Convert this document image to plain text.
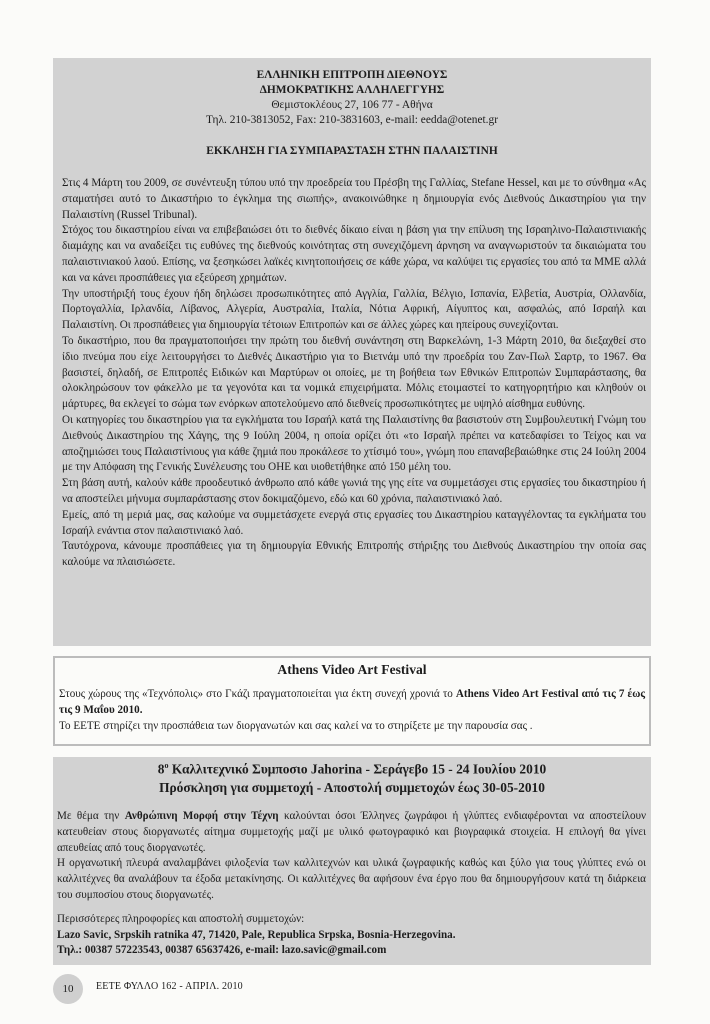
ΕΛΛΗΝΙΚΗ ΕΠΙΤΡΟΠΗ ΔΙΕΘΝΟΥΣ
ΔΗΜΟΚΡΑΤΙΚΗΣ ΑΛΛΗΛΕΓΓΥΗΣ
Θεμιστοκλέους 27, 106 77 - Αθήνα
Τηλ. 210-3813052, Fax: 210-3831603, e-mail: eedda@otenet.gr
ΕΚΚΛΗΣΗ ΓΙΑ ΣΥΜΠΑΡΑΣΤΑΣΗ ΣΤΗΝ ΠΑΛΑΙΣΤΙΝΗ

Στις 4 Μάρτη του 2009, σε συνέντευξη τύπου υπό την προεδρεία του Πρέσβη της Γαλλίας, Stefane Hessel, και με το σύνθημα «Ας σταματήσει αυτό το Δικαστήριο το έγκλημα της σιωπής», ανακοινώθηκε η δημιουργία ενός Διεθνούς Δικαστηρίου για την Παλαιστίνη (Russel Tribunal).

Στόχος του δικαστηρίου είναι να επιβεβαιώσει ότι το διεθνές δίκαιο είναι η βάση για την επίλυση της Ισραηλινο-Παλαιστινιακής διαμάχης και να αναδείξει τις ευθύνες της διεθνούς κοινότητας στη συνεχιζόμενη άρνηση να αναγνωριστούν τα δικαιώματα του παλαιστινιακού λαού. Επίσης, να ξεσηκώσει λαϊκές κινητοποιήσεις σε κάθε χώρα, να καλύψει τις εργασίες του από τα ΜΜΕ αλλά και να κάνει προσπάθειες για εξεύρεση χρημάτων.

Την υποστήριξή τους έχουν ήδη δηλώσει προσωπικότητες από Αγγλία, Γαλλία, Βέλγιο, Ισπανία, Ελβετία, Αυστρία, Ολλανδία, Πορτογαλλία, Ιρλανδία, Λίβανος, Αλγερία, Αυστραλία, Ιταλία, Νότια Αφρική, Αίγυπτος και, ασφαλώς, από Ισραήλ και Παλαιστίνη. Οι προσπάθειες για δημιουργία τέτοιων Επιτροπών και σε άλλες χώρες και ηπείρους συνεχίζονται.

Το δικαστήριο, που θα πραγματοποιήσει την πρώτη του διεθνή συνάντηση στη Βαρκελώνη, 1-3 Μάρτη 2010, θα διεξαχθεί στο ίδιο πνεύμα που είχε λειτουργήσει το Διεθνές Δικαστήριο για το Βιετνάμ υπό την προεδρία του Ζαν-Πωλ Σαρτρ, το 1967. Θα βασιστεί, δηλαδή, σε Επιτροπές Ειδικών και Μαρτύρων οι οποίες, με τη βοήθεια των Εθνικών Επιτροπών Συμπαράστασης, θα ολοκληρώσουν τον φάκελλο με τα γεγονότα και τα νομικά επιχειρήματα. Μόλις ετοιμαστεί το κατηγορητήριο και κληθούν οι μάρτυρες, θα εκλεγεί το σώμα των ενόρκων αποτελούμενο από διεθνείς προσωπικότητες με υψηλό αίσθημα ευθύνης.

Οι κατηγορίες του δικαστηρίου για τα εγκλήματα του Ισραήλ κατά της Παλαιστίνης θα βασιστούν στη Συμβουλευτική Γνώμη του Διεθνούς Δικαστηρίου της Χάγης, της 9 Ιούλη 2004, η οποία ορίζει ότι «το Ισραήλ πρέπει να κατεδαφίσει το Τείχος και να αποζημιώσει τους Παλαιστίνιους για κάθε ζημιά που προκάλεσε το χτίσιμό του», γνώμη που επαναβεβαιώθηκε στις 24 Ιούλη 2004 με την Απόφαση της Γενικής Συνέλευσης του ΟΗΕ και υιοθετήθηκε από 150 μέλη του.

Στη βάση αυτή, καλούν κάθε προοδευτικό άνθρωπο από κάθε γωνιά της γης είτε να συμμετάσχει στις εργασίες του δικαστηρίου ή να αποστείλει μήνυμα συμπαράστασης στον δοκιμαζόμενο, εδώ και 60 χρόνια, παλαιστινιακό λαό.

Εμείς, από τη μεριά μας, σας καλούμε να συμμετάσχετε ενεργά στις εργασίες του Δικαστηρίου καταγγέλοντας τα εγκλήματα του Ισραήλ ενάντια στον παλαιστινιακό λαό.

Ταυτόχρονα, κάνουμε προσπάθειες για τη δημιουργία Εθνικής Επιτροπής στήριξης του Διεθνούς Δικαστηρίου την οποία σας καλούμε να πλαισιώσετε.

Athens Video Art Festival

Στους χώρους της «Τεχνόπολις» στο Γκάζι πραγματοποιείται για έκτη συνεχή χρονιά το Athens Video Art Festival από τις 7 έως τις 9 Μαΐου 2010.

Το ΕΕΤΕ στηρίζει την προσπάθεια των διοργανωτών και σας καλεί να το στηρίξετε με την παρουσία σας .

$8^o$ Καλλιτεχνικό Συμποσιο Jahorina - Σεράγεβο 15 - 24 Ιουλίου 2010
Πρόσκληση για συμμετοχή - Αποστολή συμμετοχών έως 30-05-2010

Με θέμα την Ανθρώπινη Μορφή στην Τέχνη καλούνται όσοι Έλληνες ζωγράφοι ή γλύπτες ενδιαφέρονται να αποστείλουν κατευθείαν στους διοργανωτές αίτημα συμμετοχής μαζί με υλικό φωτογραφικό και βιογραφικά στοιχεία. Η επιλογή θα γίνει απευθείας από τους διοργανωτές.

Η οργανωτική πλευρά αναλαμβάνει φιλοξενία των καλλιτεχνών και υλικά ζωγραφικής καθώς και ξύλο για τους γλύπτες ενώ οι καλλιτέχνες θα αναλάβουν τα έξοδα μετακίνησης. Οι καλλιτέχνες θα αφήσουν ένα έργο που θα δημιουργήσουν κατά τη διάρκεια του συμποσίου στους διοργανωτές.

Περισσότερες πληροφορίες και αποστολή συμμετοχών:

Lazo Savic, Srpskih ratnika 47, 71420, Pale, Republica Srpska, Bosnia-Herzegovina.

Τηλ.: 00387 57223543, 00387 65637426, e-mail: lazo.savic@gmail.com

10	ΕΕΤΕ ΦΥΛΛΟ 162 - ΑΠΡΙΛ. 2010
